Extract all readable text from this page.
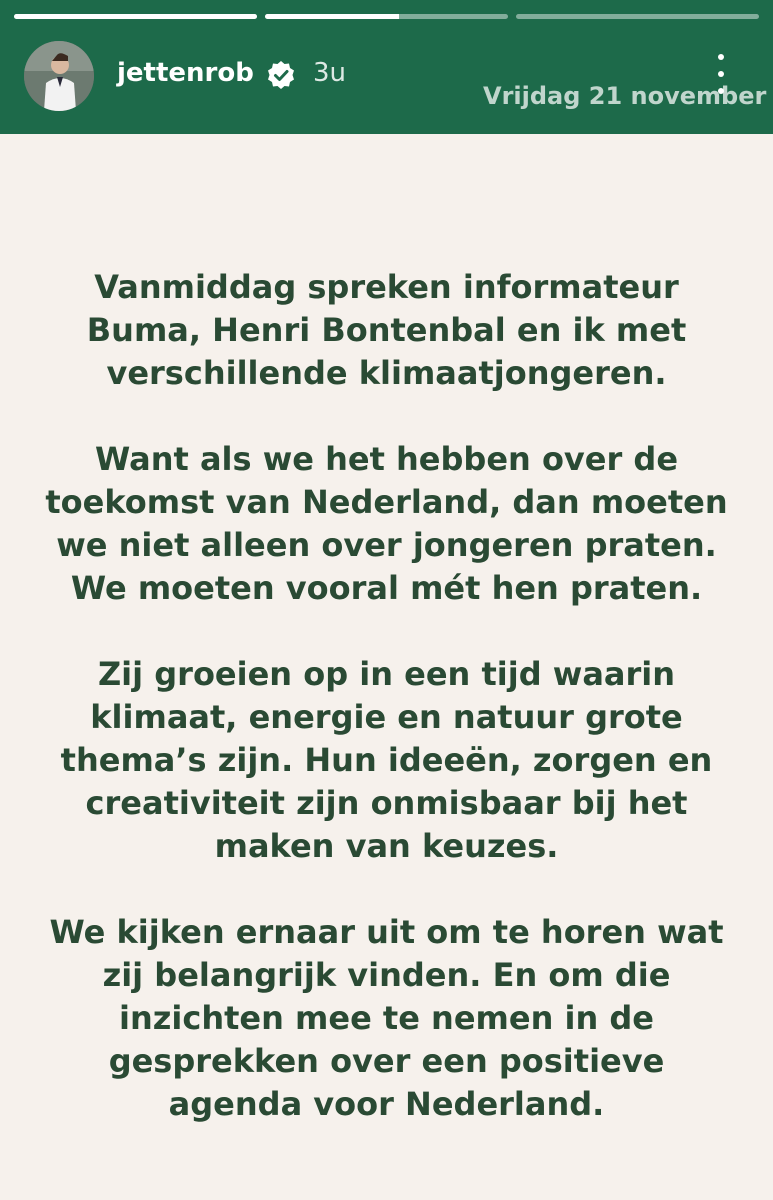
jettenrob 3u
Vrijdag 21 november

Vanmiddag spreken informateur Buma, Henri Bontenbal en ik met verschillende klimaatjongeren.

Want als we het hebben over de toekomst van Nederland, dan moeten we niet alleen over jongeren praten. We moeten vooral mét hen praten.

Zij groeien op in een tijd waarin klimaat, energie en natuur grote thema’s zijn. Hun ideeën, zorgen en creativiteit zijn onmisbaar bij het maken van keuzes.

We kijken ernaar uit om te horen wat zij belangrijk vinden. En om die inzichten mee te nemen in de gesprekken over een positieve agenda voor Nederland.
